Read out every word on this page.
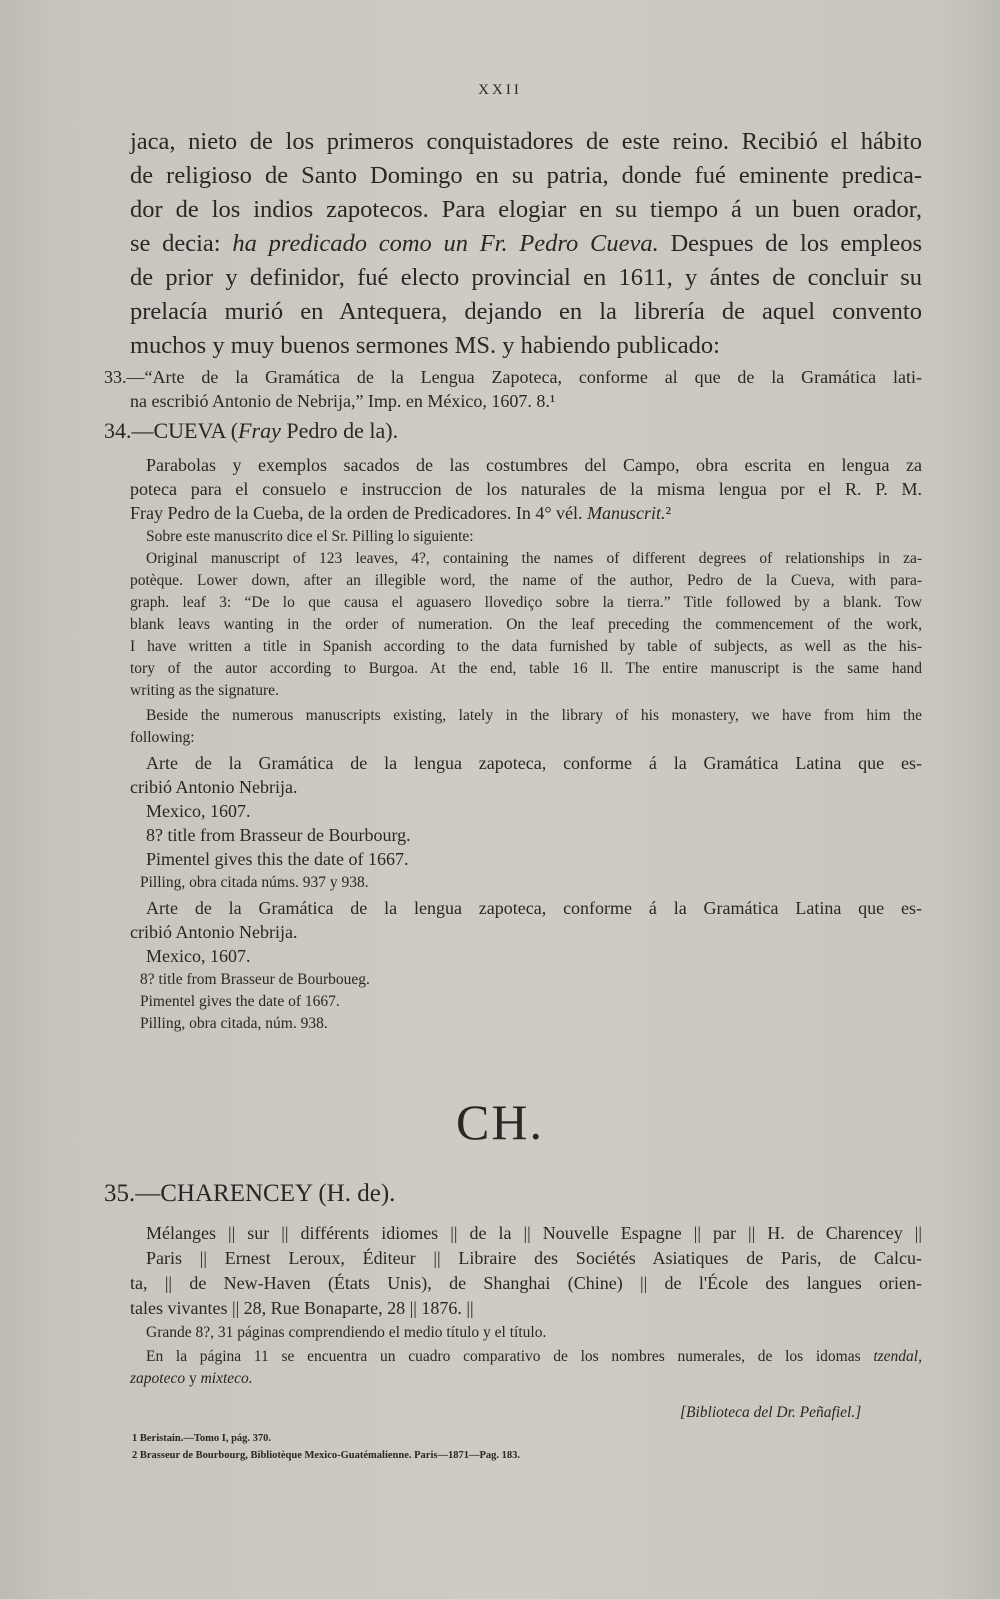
XXII
jaca, nieto de los primeros conquistadores de este reino. Recibió el hábito
de religioso de Santo Domingo en su patria, donde fué eminente predica-
dor de los indios zapotecos. Para elogiar en su tiempo á un buen orador,
se decia: ha predicado como un Fr. Pedro Cueva. Despues de los empleos
de prior y definidor, fué electo provincial en 1611, y ántes de concluir su
prelacía murió en Antequera, dejando en la librería de aquel convento
muchos y muy buenos sermones MS. y habiendo publicado:
33.—“Arte de la Gramática de la Lengua Zapoteca, conforme al que de la Gramática lati-
na escribió Antonio de Nebrija,” Imp. en México, 1607. 8.¹
34.—CUEVA (Fray Pedro de la).
Parabolas y exemplos sacados de las costumbres del Campo, obra escrita en lengua za
poteca para el consuelo e instruccion de los naturales de la misma lengua por el R. P. M.
Fray Pedro de la Cueba, de la orden de Predicadores. In 4° vél. Manuscrit.²
Sobre este manuscrito dice el Sr. Pilling lo siguiente:
Original manuscript of 123 leaves, 4?, containing the names of different degrees of relationships in za-
potèque. Lower down, after an illegible word, the name of the author, Pedro de la Cueva, with para-
graph. leaf 3: “De lo que causa el aguasero llovediço sobre la tierra.” Title followed by a blank. Tow
blank leavs wanting in the order of numeration. On the leaf preceding the commencement of the work,
I have written a title in Spanish according to the data furnished by table of subjects, as well as the his-
tory of the autor according to Burgoa. At the end, table 16 ll. The entire manuscript is the same hand
writing as the signature.
Beside the numerous manuscripts existing, lately in the library of his monastery, we have from him the
following:
Arte de la Gramática de la lengua zapoteca, conforme á la Gramática Latina que es-
cribió Antonio Nebrija.
Mexico, 1607.
8? title from Brasseur de Bourbourg.
Pimentel gives this the date of 1667.
Pilling, obra citada núms. 937 y 938.
Arte de la Gramática de la lengua zapoteca, conforme á la Gramática Latina que es-
cribió Antonio Nebrija.
Mexico, 1607.
8? title from Brasseur de Bourboueg.
Pimentel gives the date of 1667.
Pilling, obra citada, núm. 938.
CH.
35.—CHARENCEY (H. de).
Mélanges || sur || différents idiomes || de la || Nouvelle Espagne || par || H. de Charencey ||
Paris || Ernest Leroux, Éditeur || Libraire des Sociétés Asiatiques de Paris, de Calcu-
ta, || de New-Haven (États Unis), de Shanghai (Chine) || de l'École des langues orien-
tales vivantes || 28, Rue Bonaparte, 28 || 1876. ||
Grande 8?, 31 páginas comprendiendo el medio título y el título.
En la página 11 se encuentra un cuadro comparativo de los nombres numerales, de los idomas tzendal,
zapoteco y mixteco.
[Biblioteca del Dr. Peñafiel.]
1 Beristain.—Tomo I, pág. 370.
2 Brasseur de Bourbourg, Bibliotèque Mexico-Guatémalienne. Paris—1871—Pag. 183.
